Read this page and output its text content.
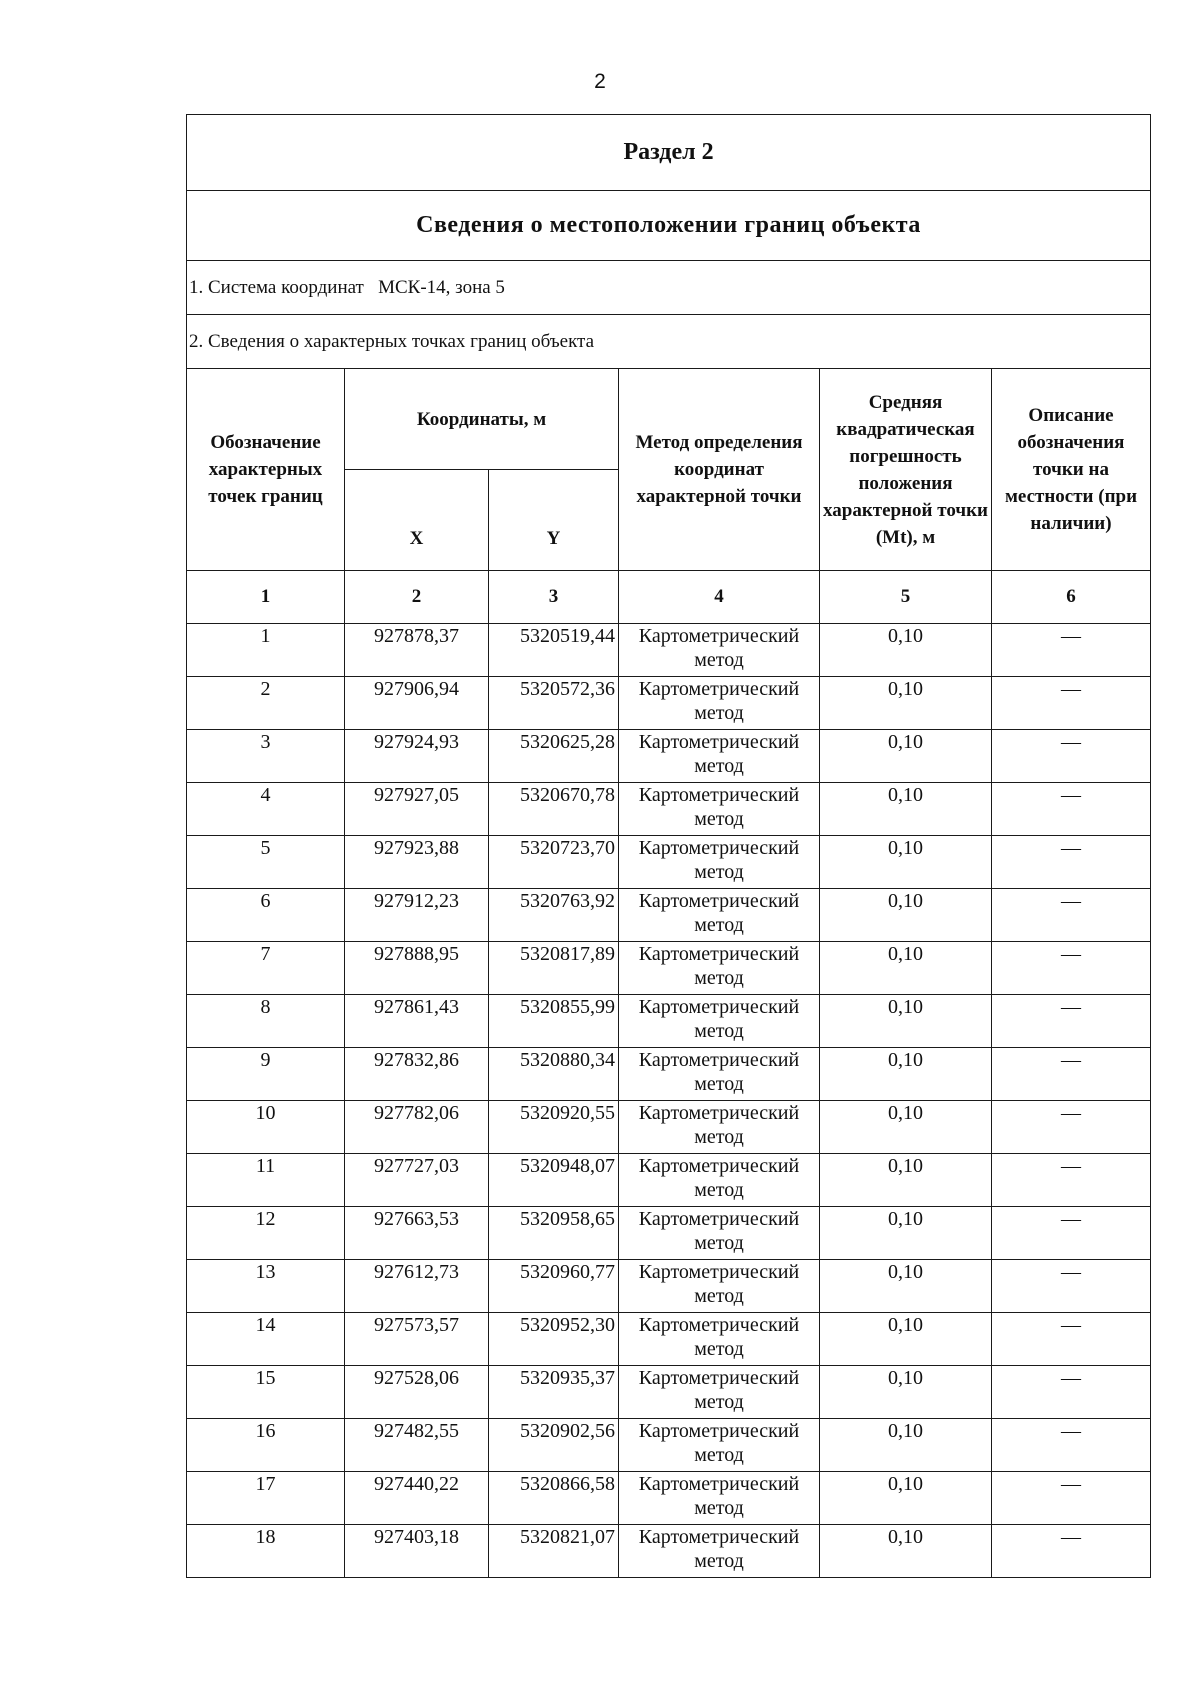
2
Раздел 2					
Сведения о местоположении границ объекта					
1. Система координат МСК-14, зона 5					
2. Сведения о характерных точках границ объекта					
Обозначение характерных точек границ	Координаты, м		Метод определения координат характерной точки	Средняя квадратическая погрешность положения характерной точки (Mt), м	Описание обозначения точки на местности (при наличии)
	X	Y			
1	2	3	4	5	6
1	927878,37	5320519,44	Картометрический метод	0,10	—
2	927906,94	5320572,36	Картометрический метод	0,10	—
3	927924,93	5320625,28	Картометрический метод	0,10	—
4	927927,05	5320670,78	Картометрический метод	0,10	—
5	927923,88	5320723,70	Картометрический метод	0,10	—
6	927912,23	5320763,92	Картометрический метод	0,10	—
7	927888,95	5320817,89	Картометрический метод	0,10	—
8	927861,43	5320855,99	Картометрический метод	0,10	—
9	927832,86	5320880,34	Картометрический метод	0,10	—
10	927782,06	5320920,55	Картометрический метод	0,10	—
11	927727,03	5320948,07	Картометрический метод	0,10	—
12	927663,53	5320958,65	Картометрический метод	0,10	—
13	927612,73	5320960,77	Картометрический метод	0,10	—
14	927573,57	5320952,30	Картометрический метод	0,10	—
15	927528,06	5320935,37	Картометрический метод	0,10	—
16	927482,55	5320902,56	Картометрический метод	0,10	—
17	927440,22	5320866,58	Картометрический метод	0,10	—
18	927403,18	5320821,07	Картометрический метод	0,10	—
